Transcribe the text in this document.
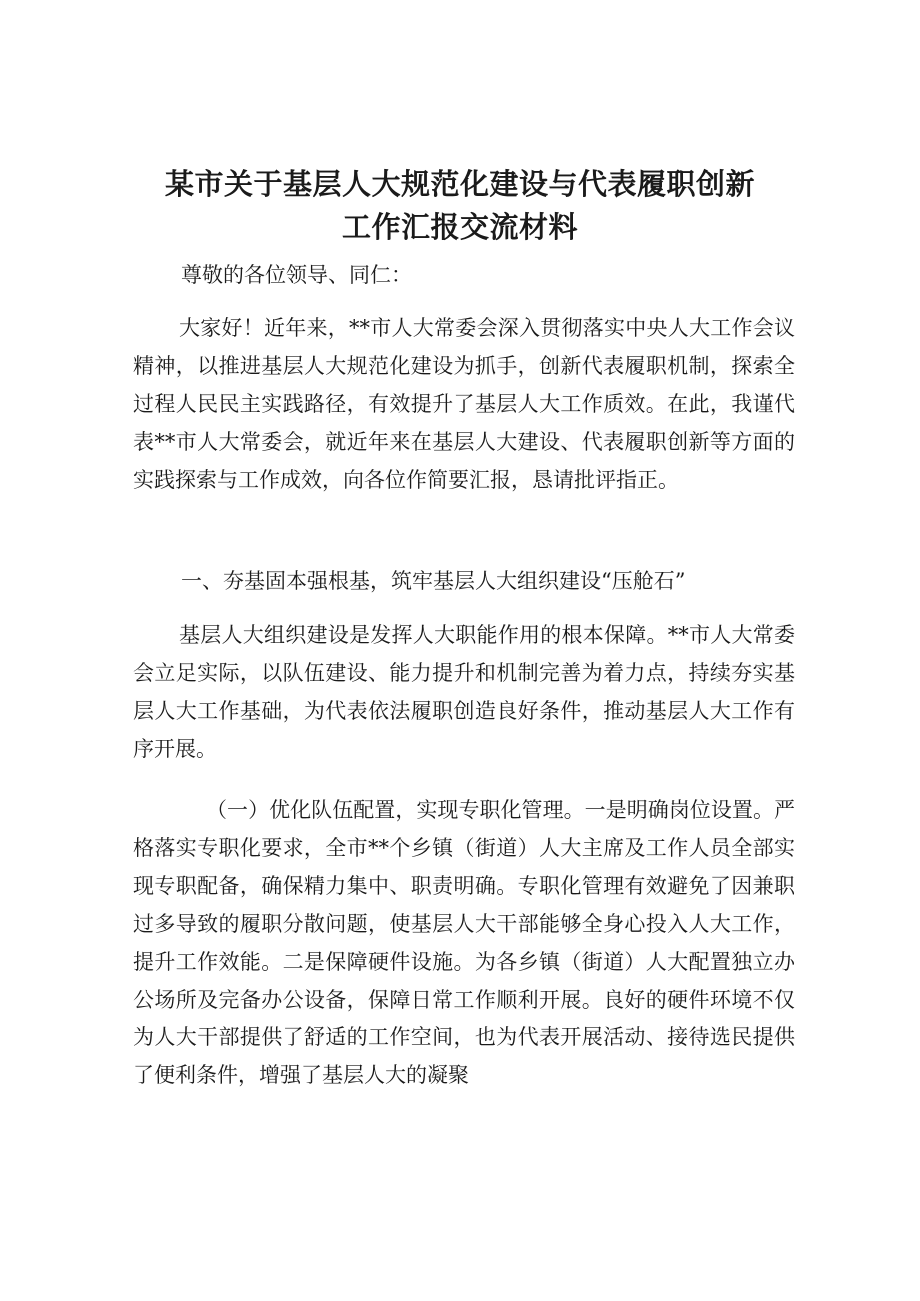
某市关于基层人大规范化建设与代表履职创新
工作汇报交流材料
尊敬的各位领导、同仁：

大家好！近年来，**市人大常委会深入贯彻落实中央人大工作会议精神，以推进基层人大规范化建设为抓手，创新代表履职机制，探索全过程人民民主实践路径，有效提升了基层人大工作质效。在此，我谨代表**市人大常委会，就近年来在基层人大建设、代表履职创新等方面的实践探索与工作成效，向各位作简要汇报，恳请批评指正。

一、夯基固本强根基，筑牢基层人大组织建设“压舱石”

基层人大组织建设是发挥人大职能作用的根本保障。**市人大常委会立足实际，以队伍建设、能力提升和机制完善为着力点，持续夯实基层人大工作基础，为代表依法履职创造良好条件，推动基层人大工作有序开展。

（一）优化队伍配置，实现专职化管理。一是明确岗位设置。严格落实专职化要求，全市**个乡镇（街道）人大主席及工作人员全部实现专职配备，确保精力集中、职责明确。专职化管理有效避免了因兼职过多导致的履职分散问题，使基层人大干部能够全身心投入人大工作，提升工作效能。二是保障硬件设施。为各乡镇（街道）人大配置独立办公场所及完备办公设备，保障日常工作顺利开展。良好的硬件环境不仅为人大干部提供了舒适的工作空间，也为代表开展活动、接待选民提供了便利条件，增强了基层人大的凝聚
